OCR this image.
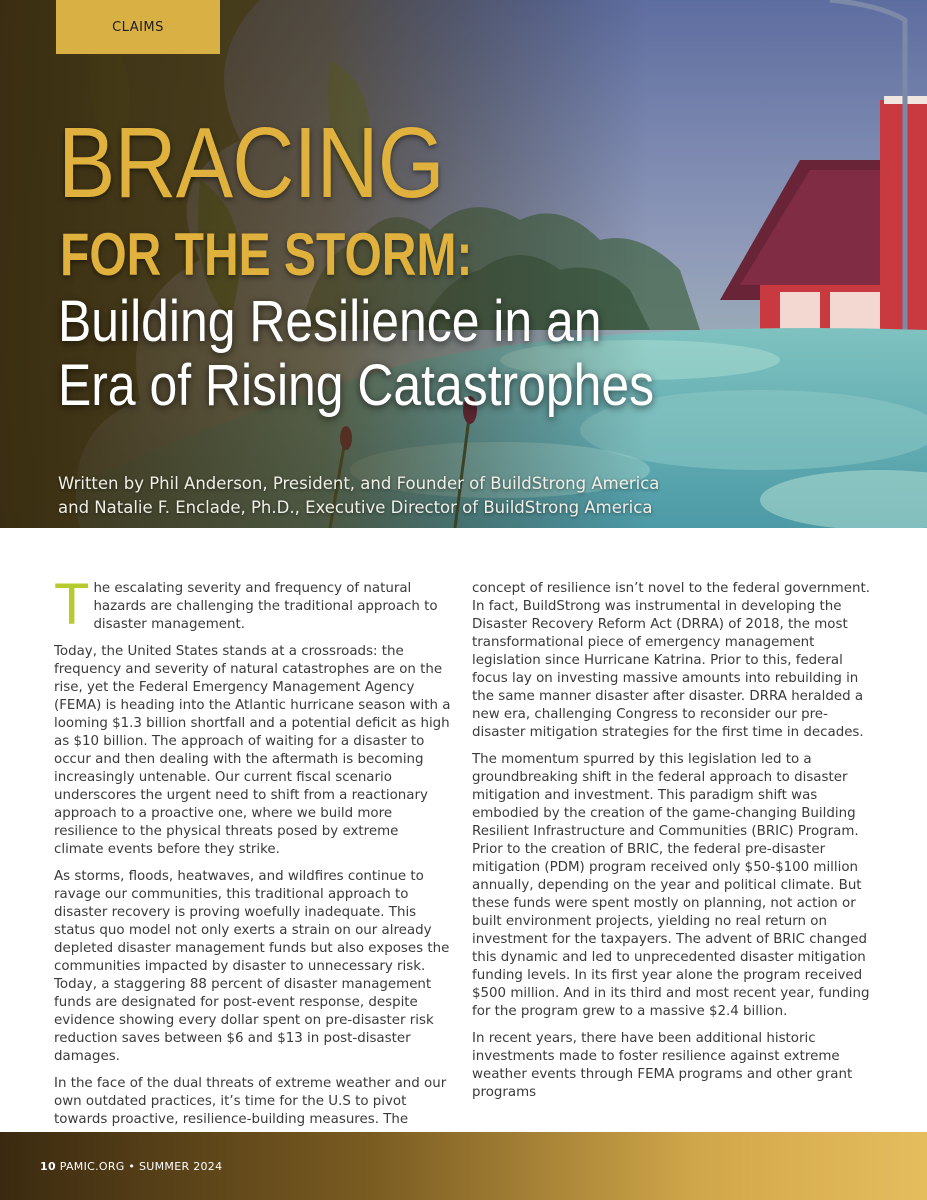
CLAIMS
BRACING
FOR THE STORM:
Building Resilience in an
Era of Rising Catastrophes
Written by Phil Anderson, President, and Founder of BuildStrong America
and Natalie F. Enclade, Ph.D., Executive Director of BuildStrong America

The escalating severity and frequency of natural hazards are challenging the traditional approach to disaster management.

Today, the United States stands at a crossroads: the frequency and severity of natural catastrophes are on the rise, yet the Federal Emergency Management Agency (FEMA) is heading into the Atlantic hurricane season with a looming $1.3 billion shortfall and a potential deficit as high as $10 billion. The approach of waiting for a disaster to occur and then dealing with the aftermath is becoming increasingly untenable. Our current fiscal scenario underscores the urgent need to shift from a reactionary approach to a proactive one, where we build more resilience to the physical threats posed by extreme climate events before they strike.

As storms, floods, heatwaves, and wildfires continue to ravage our communities, this traditional approach to disaster recovery is proving woefully inadequate. This status quo model not only exerts a strain on our already depleted disaster management funds but also exposes the communities impacted by disaster to unnecessary risk. Today, a staggering 88 percent of disaster management funds are designated for post-event response, despite evidence showing every dollar spent on pre-disaster risk reduction saves between $6 and $13 in post-disaster damages.

In the face of the dual threats of extreme weather and our own outdated practices, it’s time for the U.S to pivot towards proactive, resilience-building measures. The

concept of resilience isn’t novel to the federal government. In fact, BuildStrong was instrumental in developing the Disaster Recovery Reform Act (DRRA) of 2018, the most transformational piece of emergency management legislation since Hurricane Katrina. Prior to this, federal focus lay on investing massive amounts into rebuilding in the same manner disaster after disaster. DRRA heralded a new era, challenging Congress to reconsider our pre-disaster mitigation strategies for the first time in decades.

The momentum spurred by this legislation led to a groundbreaking shift in the federal approach to disaster mitigation and investment. This paradigm shift was embodied by the creation of the game-changing Building Resilient Infrastructure and Communities (BRIC) Program. Prior to the creation of BRIC, the federal pre-disaster mitigation (PDM) program received only $50-$100 million annually, depending on the year and political climate. But these funds were spent mostly on planning, not action or built environment projects, yielding no real return on investment for the taxpayers. The advent of BRIC changed this dynamic and led to unprecedented disaster mitigation funding levels. In its first year alone the program received $500 million. And in its third and most recent year, funding for the program grew to a massive $2.4 billion.

In recent years, there have been additional historic investments made to foster resilience against extreme weather events through FEMA programs and other grant programs

10 PAMIC.ORG • SUMMER 2024
